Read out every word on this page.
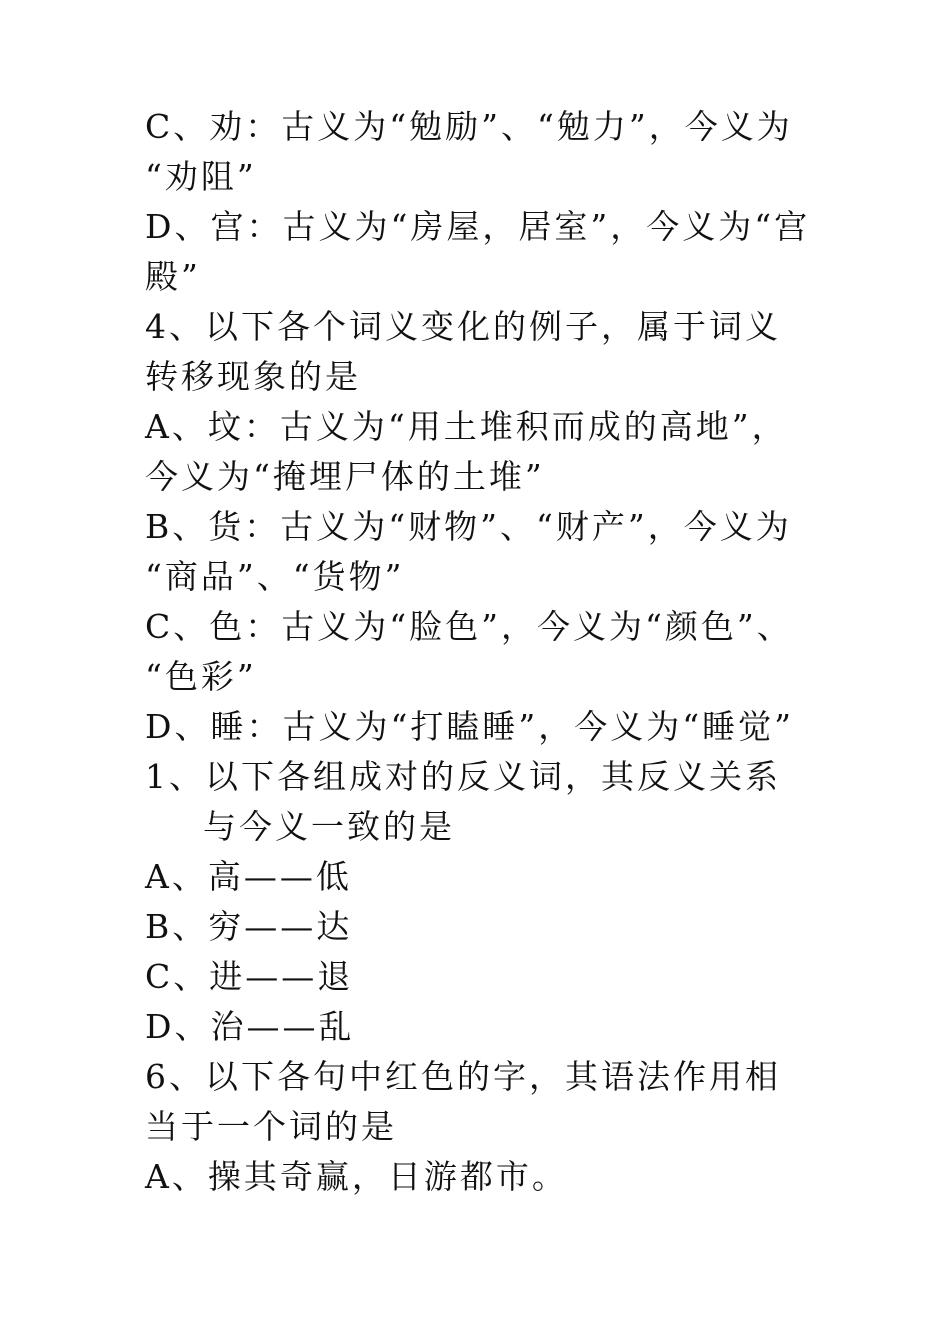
C、劝：古义为“勉励”、“勉力”，今义为
“劝阻”
D、宫：古义为“房屋，居室”，今义为“宫
殿”
4、以下各个词义变化的例子，属于词义
转移现象的是
A、坟：古义为“用土堆积而成的高地”，
今义为“掩埋尸体的土堆”
B、货：古义为“财物”、“财产”，今义为
“商品”、“货物”
C、色：古义为“脸色”，今义为“颜色”、
“色彩”
D、睡：古义为“打瞌睡”，今义为“睡觉”
1、以下各组成对的反义词，其反义关系
与今义一致的是
A、高——低
B、穷——达
C、进——退
D、治——乱
6、以下各句中红色的字，其语法作用相
当于一个词的是
A、操其奇赢，日游都市。
